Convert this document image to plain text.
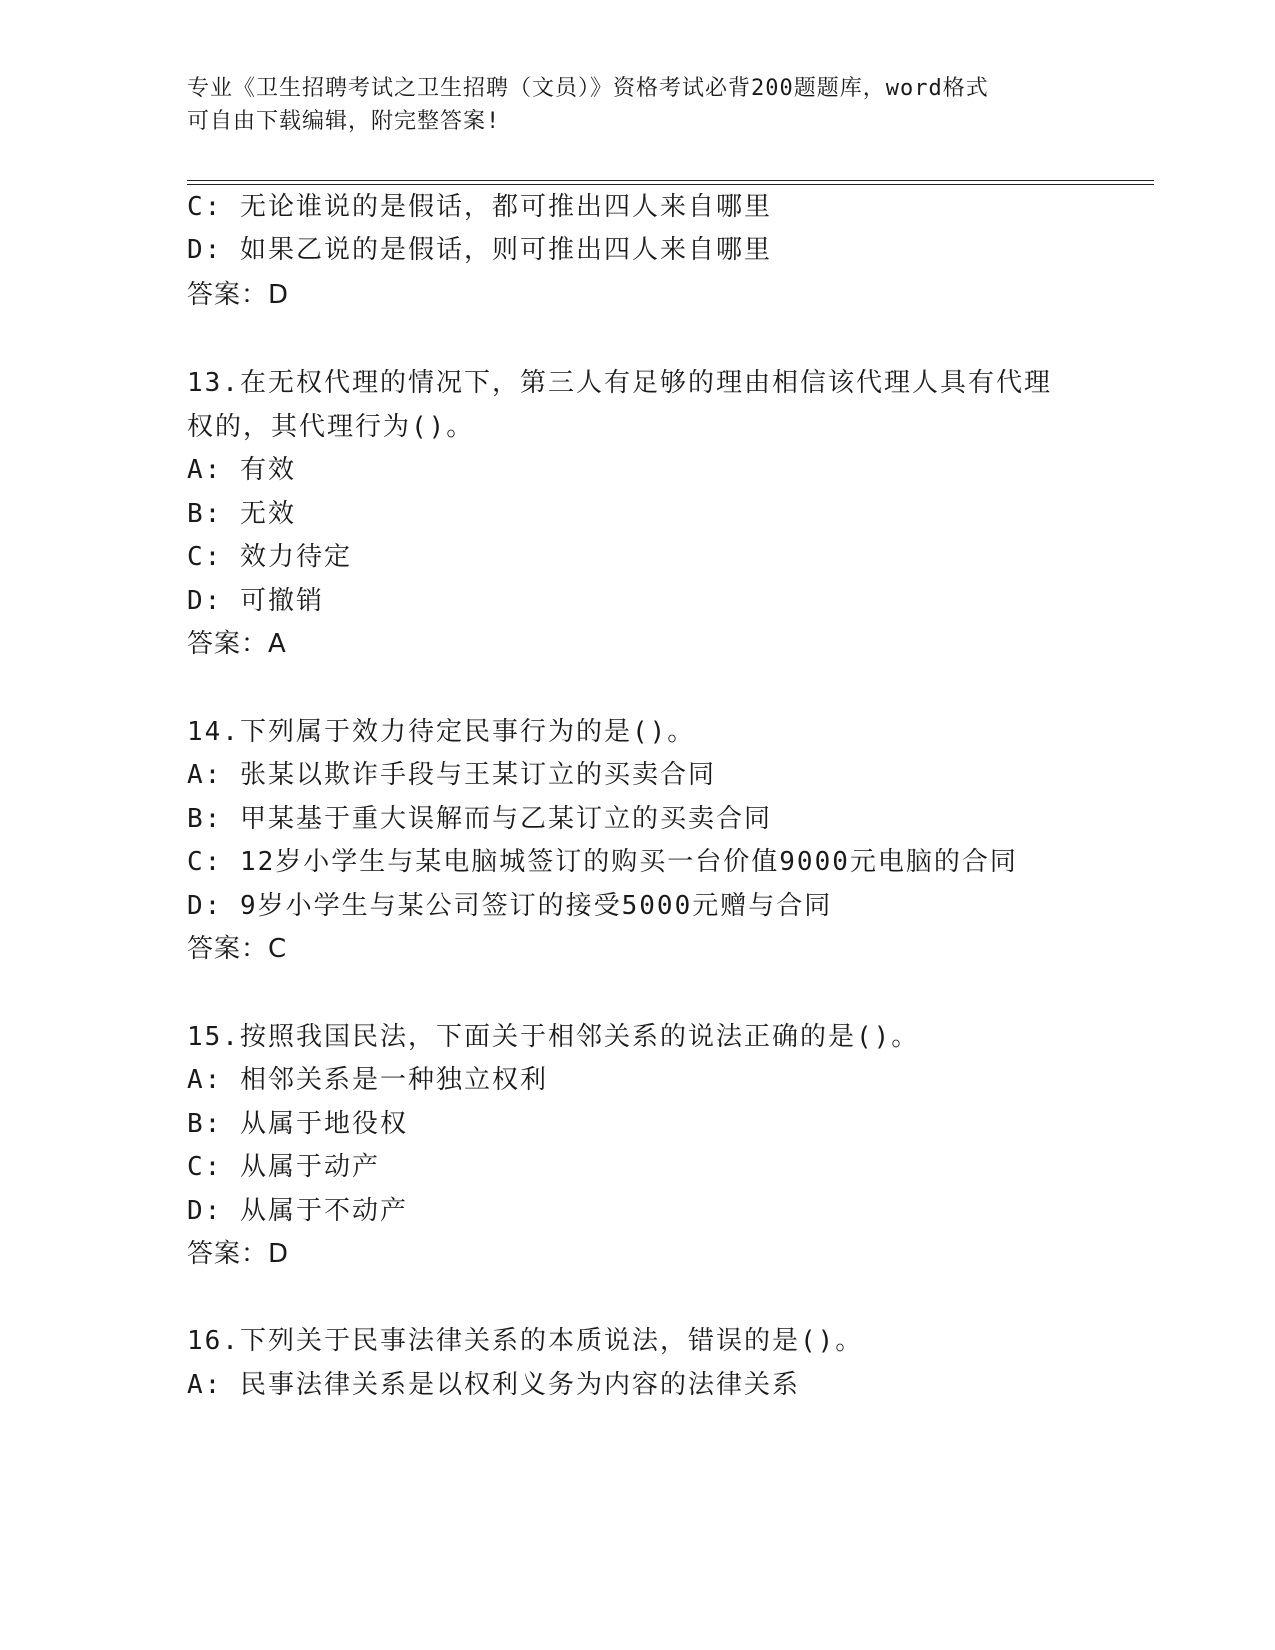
专业《卫生招聘考试之卫生招聘（文员）》资格考试必背200题题库，word格式
可自由下载编辑，附完整答案!
C: 无论谁说的是假话，都可推出四人来自哪里
D: 如果乙说的是假话，则可推出四人来自哪里
答案：D
13.在无权代理的情况下，第三人有足够的理由相信该代理人具有代理
权的，其代理行为()。
A: 有效
B: 无效
C: 效力待定
D: 可撤销
答案：A
14.下列属于效力待定民事行为的是()。
A: 张某以欺诈手段与王某订立的买卖合同
B: 甲某基于重大误解而与乙某订立的买卖合同
C: 12岁小学生与某电脑城签订的购买一台价值9000元电脑的合同
D: 9岁小学生与某公司签订的接受5000元赠与合同
答案：C
15.按照我国民法，下面关于相邻关系的说法正确的是()。
A: 相邻关系是一种独立权利
B: 从属于地役权
C: 从属于动产
D: 从属于不动产
答案：D
16.下列关于民事法律关系的本质说法，错误的是()。
A: 民事法律关系是以权利义务为内容的法律关系
